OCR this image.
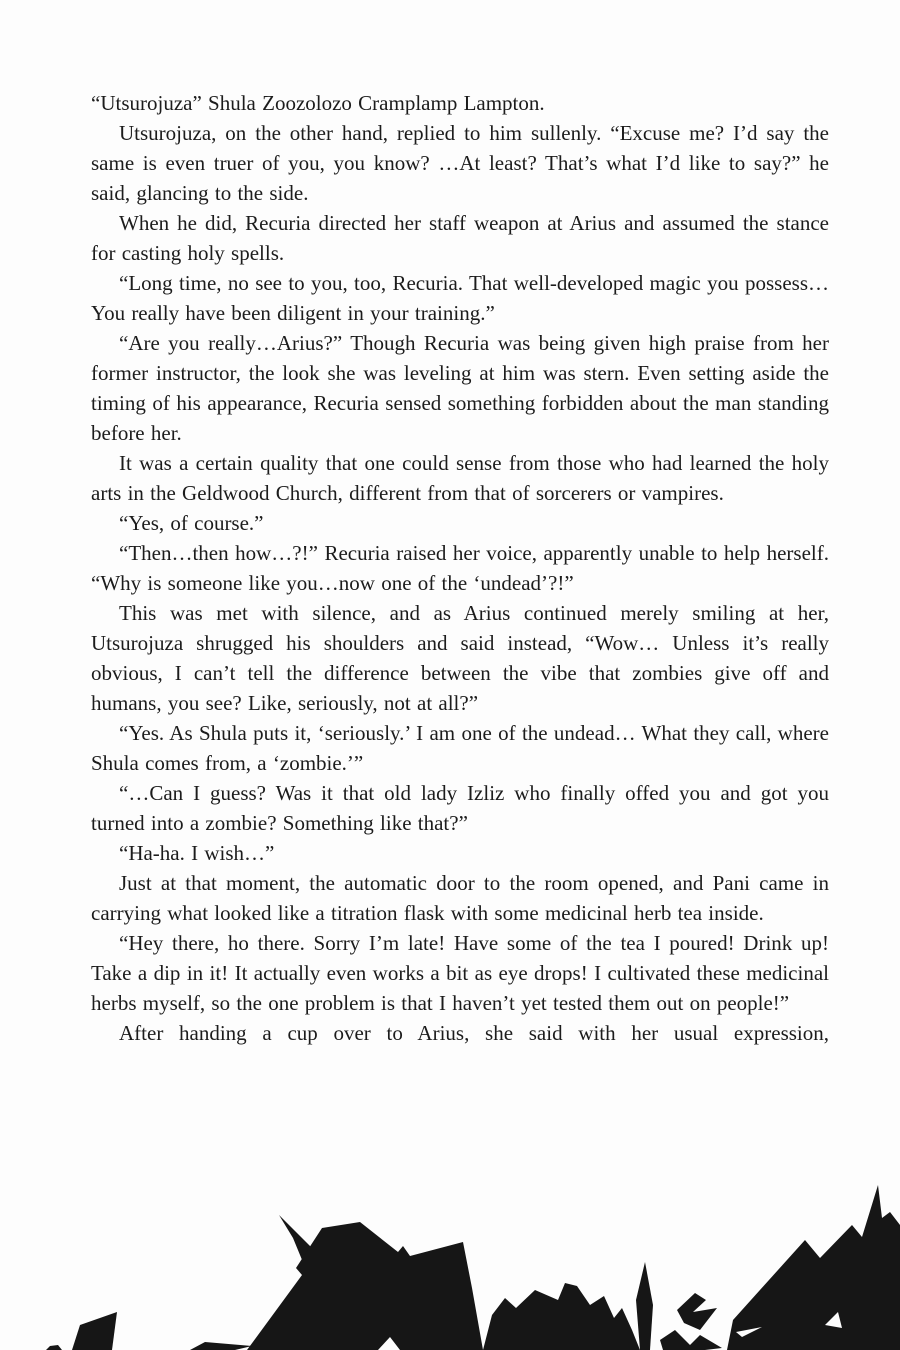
“Utsurojuza” Shula Zoozolozo Cramplamp Lampton.

Utsurojuza, on the other hand, replied to him sullenly. “Excuse me? I’d say the same is even truer of you, you know? …At least? That’s what I’d like to say?” he said, glancing to the side.

When he did, Recuria directed her staff weapon at Arius and assumed the stance for casting holy spells.

“Long time, no see to you, too, Recuria. That well-developed magic you possess… You really have been diligent in your training.”

“Are you really…Arius?” Though Recuria was being given high praise from her former instructor, the look she was leveling at him was stern. Even setting aside the timing of his appearance, Recuria sensed something forbidden about the man standing before her.

It was a certain quality that one could sense from those who had learned the holy arts in the Geldwood Church, different from that of sorcerers or vampires.

“Yes, of course.”

“Then…then how…?!” Recuria raised her voice, apparently unable to help herself. “Why is someone like you…now one of the ‘undead’?!”

This was met with silence, and as Arius continued merely smiling at her, Utsurojuza shrugged his shoulders and said instead, “Wow… Unless it’s really obvious, I can’t tell the difference between the vibe that zombies give off and humans, you see? Like, seriously, not at all?”

“Yes. As Shula puts it, ‘seriously.’ I am one of the undead… What they call, where Shula comes from, a ‘zombie.’”

“…Can I guess? Was it that old lady Izliz who finally offed you and got you turned into a zombie? Something like that?”

“Ha-ha. I wish…”

Just at that moment, the automatic door to the room opened, and Pani came in carrying what looked like a titration flask with some medicinal herb tea inside.

“Hey there, ho there. Sorry I’m late! Have some of the tea I poured! Drink up! Take a dip in it! It actually even works a bit as eye drops! I cultivated these medicinal herbs myself, so the one problem is that I haven’t yet tested them out on people!”

After handing a cup over to Arius, she said with her usual expression,
